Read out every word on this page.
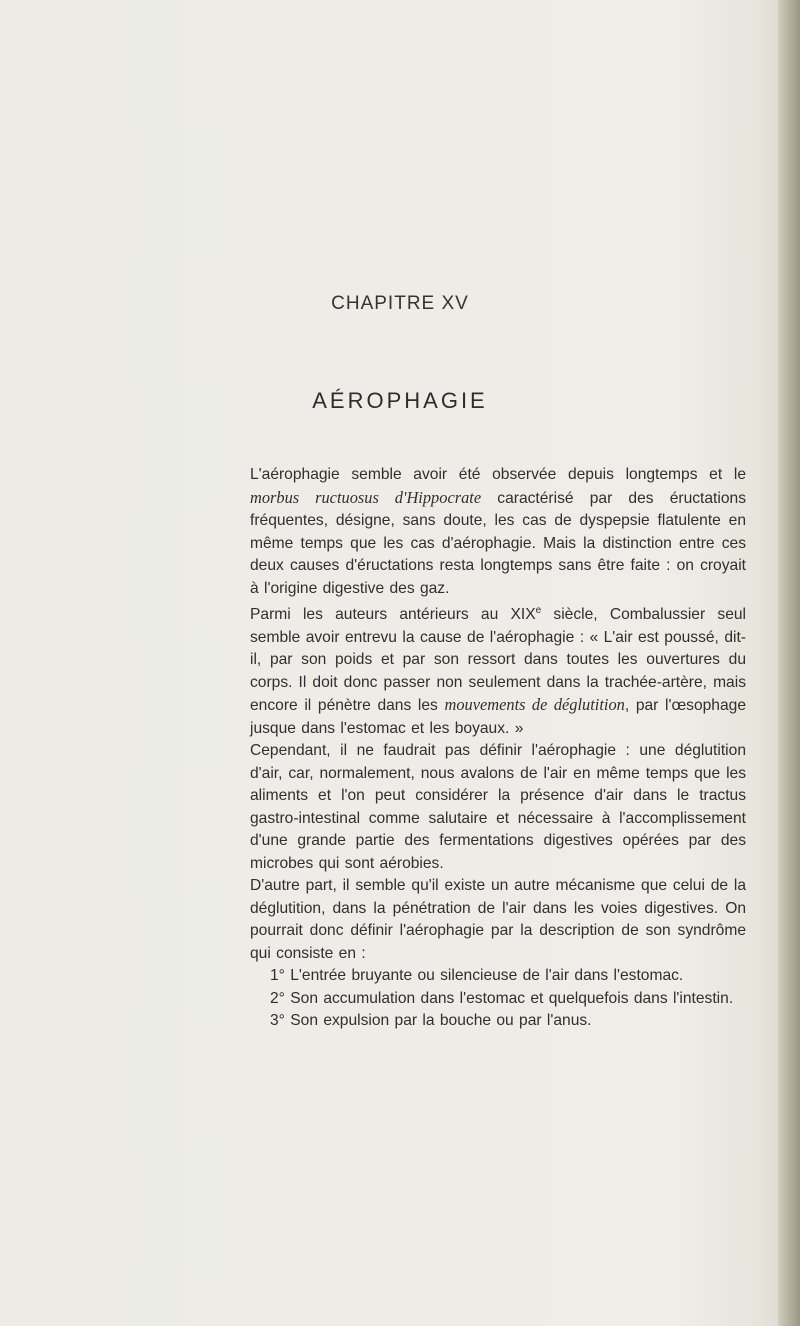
CHAPITRE XV
AÉROPHAGIE

L'aérophagie semble avoir été observée depuis longtemps et le morbus ructuosus d'Hippocrate caractérisé par des éructations fréquentes, désigne, sans doute, les cas de dyspepsie flatulente en même temps que les cas d'aérophagie. Mais la distinction entre ces deux causes d'éructations resta longtemps sans être faite : on croyait à l'origine digestive des gaz.

Parmi les auteurs antérieurs au XIXe siècle, Combalussier seul semble avoir entrevu la cause de l'aérophagie : « L'air est poussé, dit-il, par son poids et par son ressort dans toutes les ouvertures du corps. Il doit donc passer non seulement dans la trachée-artère, mais encore il pénètre dans les mouvements de déglutition, par l'œsophage jusque dans l'estomac et les boyaux. »

Cependant, il ne faudrait pas définir l'aérophagie : une déglutition d'air, car, normalement, nous avalons de l'air en même temps que les aliments et l'on peut considérer la présence d'air dans le tractus gastro-intestinal comme salutaire et nécessaire à l'accomplissement d'une grande partie des fermentations digestives opérées par des microbes qui sont aérobies.

D'autre part, il semble qu'il existe un autre mécanisme que celui de la déglutition, dans la pénétration de l'air dans les voies digestives. On pourrait donc définir l'aérophagie par la description de son syndrôme qui consiste en :

1° L'entrée bruyante ou silencieuse de l'air dans l'estomac.
2° Son accumulation dans l'estomac et quelquefois dans l'intestin.
3° Son expulsion par la bouche ou par l'anus.
